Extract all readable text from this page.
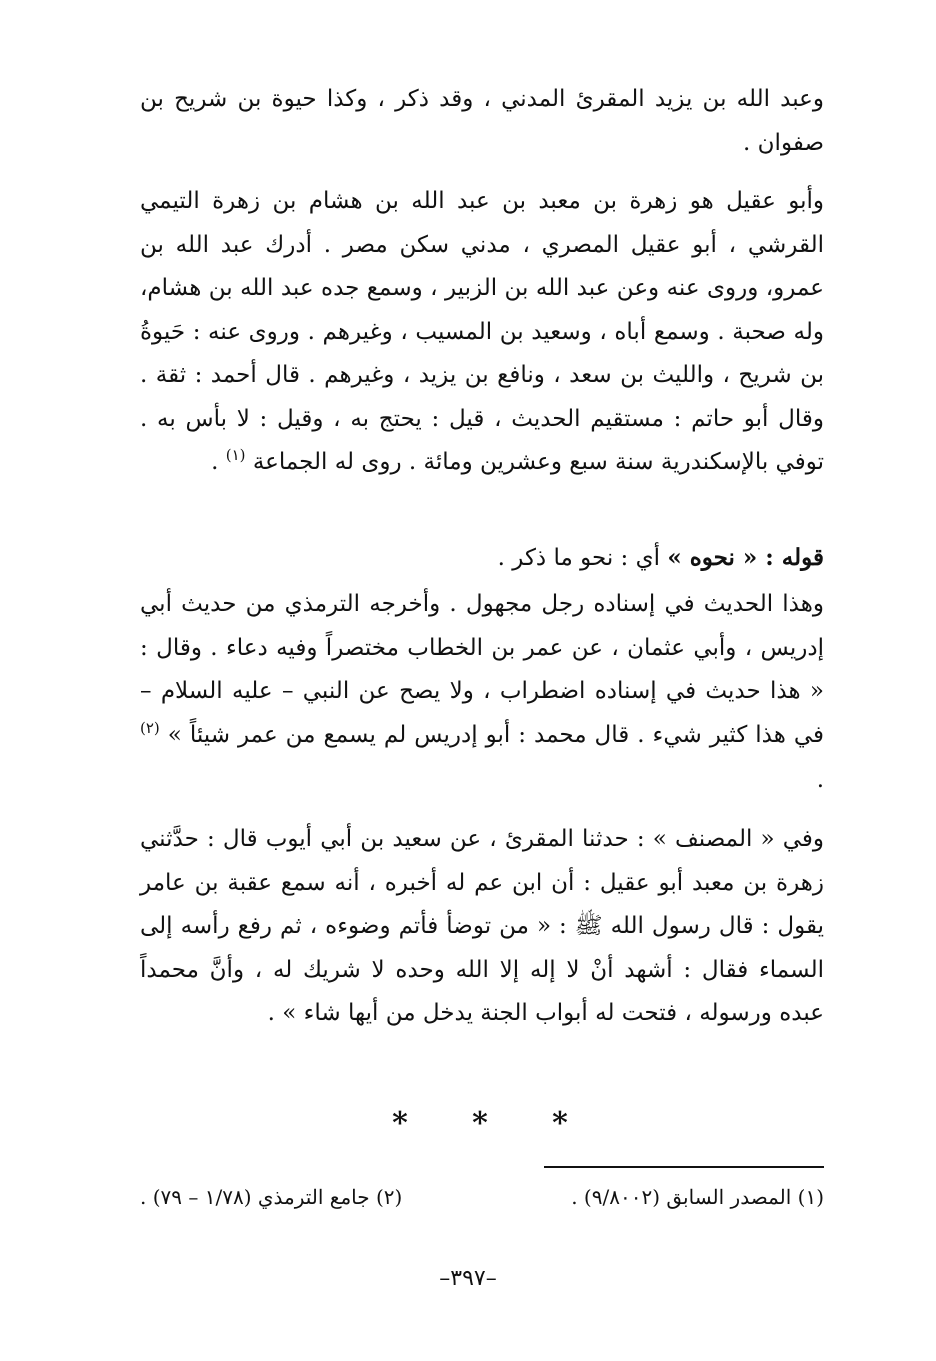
وعبد الله بن يزيد المقرئ المدني ، وقد ذكر ، وكذا حيوة بن شريح بن صفوان .

وأبو عقيل هو زهرة بن معبد بن عبد الله بن هشام بن زهرة التيمي القرشي ، أبو عقيل المصري ، مدني سكن مصر . أدرك عبد الله بن عمرو، وروى عنه وعن عبد الله بن الزبير ، وسمع جده عبد الله بن هشام، وله صحبة . وسمع أباه ، وسعيد بن المسيب ، وغيرهم . وروى عنه : حَيوةُ بن شريح ، والليث بن سعد ، ونافع بن يزيد ، وغيرهم . قال أحمد : ثقة . وقال أبو حاتم : مستقيم الحديث ، قيل : يحتج به ، وقيل : لا بأس به . توفي بالإسكندرية سنة سبع وعشرين ومائة . روى له الجماعة $^{(١)}$ .

قوله : « نحوه » أي : نحو ما ذكر .

وهذا الحديث في إسناده رجل مجهول . وأخرجه الترمذي من حديث أبي إدريس ، وأبي عثمان ، عن عمر بن الخطاب مختصراً وفيه دعاء . وقال : « هذا حديث في إسناده اضطراب ، ولا يصح عن النبي – عليه السلام – في هذا كثير شيء . قال محمد : أبو إدريس لم يسمع من عمر شيئاً » $^{(٢)}$ .

وفي « المصنف » : حدثنا المقرئ ، عن سعيد بن أبي أيوب قال : حدَّثني زهرة بن معبد أبو عقيل : أن ابن عم له أخبره ، أنه سمع عقبة بن عامر يقول : قال رسول الله ﷺ : « من توضأ فأتم وضوءه ، ثم رفع رأسه إلى السماء فقال : أشهد أنْ لا إله إلا الله وحده لا شريك له ، وأنَّ محمداً عبده ورسوله ، فتحت له أبواب الجنة يدخل من أيها شاء » .

*
*
*
(١) المصدر السابق (٩/٨٠٠٢) .
(٢) جامع الترمذي (١/٧٨ – ٧٩) .
–٣٩٧–
